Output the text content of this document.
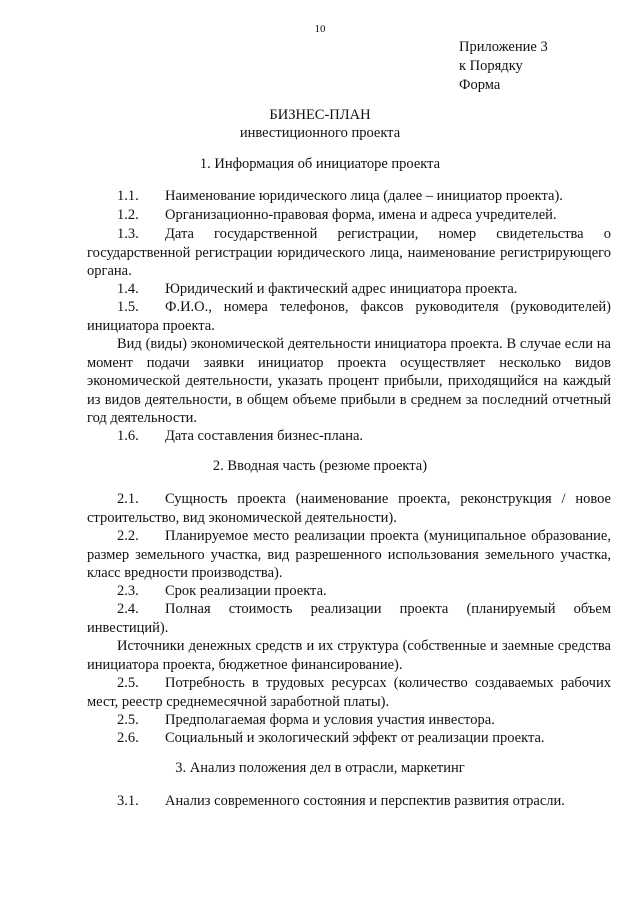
10
Приложение 3
к Порядку
Форма
БИЗНЕС-ПЛАН
инвестиционного проекта
1. Информация об инициаторе проекта
1.1. Наименование юридического лица (далее – инициатор проекта).
1.2. Организационно-правовая форма, имена и адреса учредителей.
1.3. Дата государственной регистрации, номер свидетельства о государственной регистрации юридического лица, наименование регистрирующего органа.
1.4. Юридический и фактический адрес инициатора проекта.
1.5. Ф.И.О., номера телефонов, факсов руководителя (руководителей) инициатора проекта.
Вид (виды) экономической деятельности инициатора проекта. В случае если на момент подачи заявки инициатор проекта осуществляет несколько видов экономической деятельности, указать процент прибыли, приходящийся на каждый из видов деятельности, в общем объеме прибыли в среднем за последний отчетный год деятельности.
1.6. Дата составления бизнес-плана.
2. Вводная часть (резюме проекта)
2.1. Сущность проекта (наименование проекта, реконструкция / новое строительство, вид экономической деятельности).
2.2. Планируемое место реализации проекта (муниципальное образование, размер земельного участка, вид разрешенного использования земельного участка, класс вредности производства).
2.3. Срок реализации проекта.
2.4. Полная стоимость реализации проекта (планируемый объем инвестиций).
Источники денежных средств и их структура (собственные и заемные средства инициатора проекта, бюджетное финансирование).
2.5. Потребность в трудовых ресурсах (количество создаваемых рабочих мест, реестр среднемесячной заработной платы).
2.5. Предполагаемая форма и условия участия инвестора.
2.6. Социальный и экологический эффект от реализации проекта.
3. Анализ положения дел в отрасли, маркетинг
3.1. Анализ современного состояния и перспектив развития отрасли.
